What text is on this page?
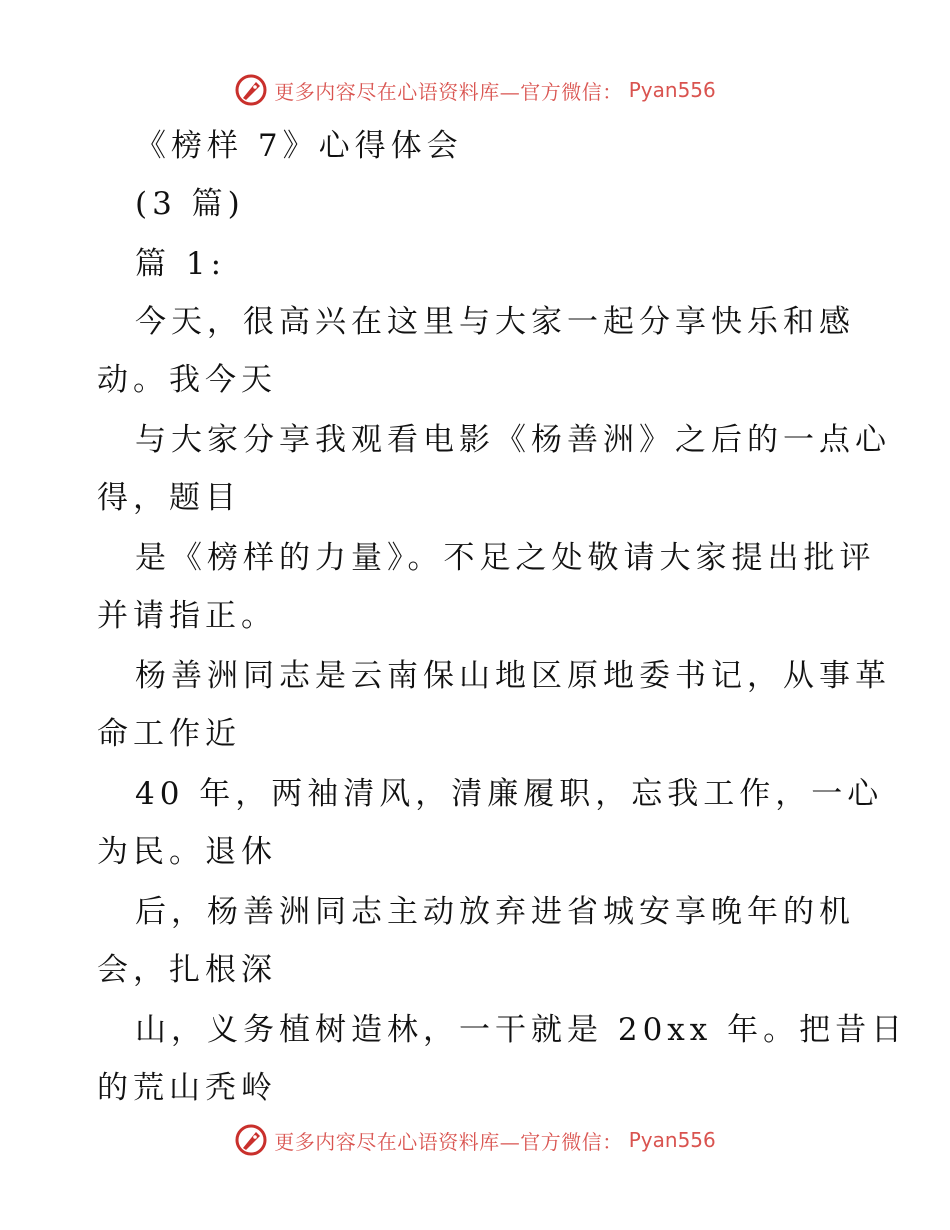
更多内容尽在心语资料库—官方微信： Pyan556
《榜样 7》心得体会
(3 篇)
篇 1:
今天，很高兴在这里与大家一起分享快乐和感
动。我今天
与大家分享我观看电影《杨善洲》之后的一点心
得，题目
是《榜样的力量》。不足之处敬请大家提出批评
并请指正。
杨善洲同志是云南保山地区原地委书记，从事革
命工作近
40 年，两袖清风，清廉履职，忘我工作，一心
为民。退休
后，杨善洲同志主动放弃进省城安享晚年的机
会，扎根深
山，义务植树造林，一干就是 20xx 年。把昔日
的荒山秃岭
更多内容尽在心语资料库—官方微信： Pyan556
